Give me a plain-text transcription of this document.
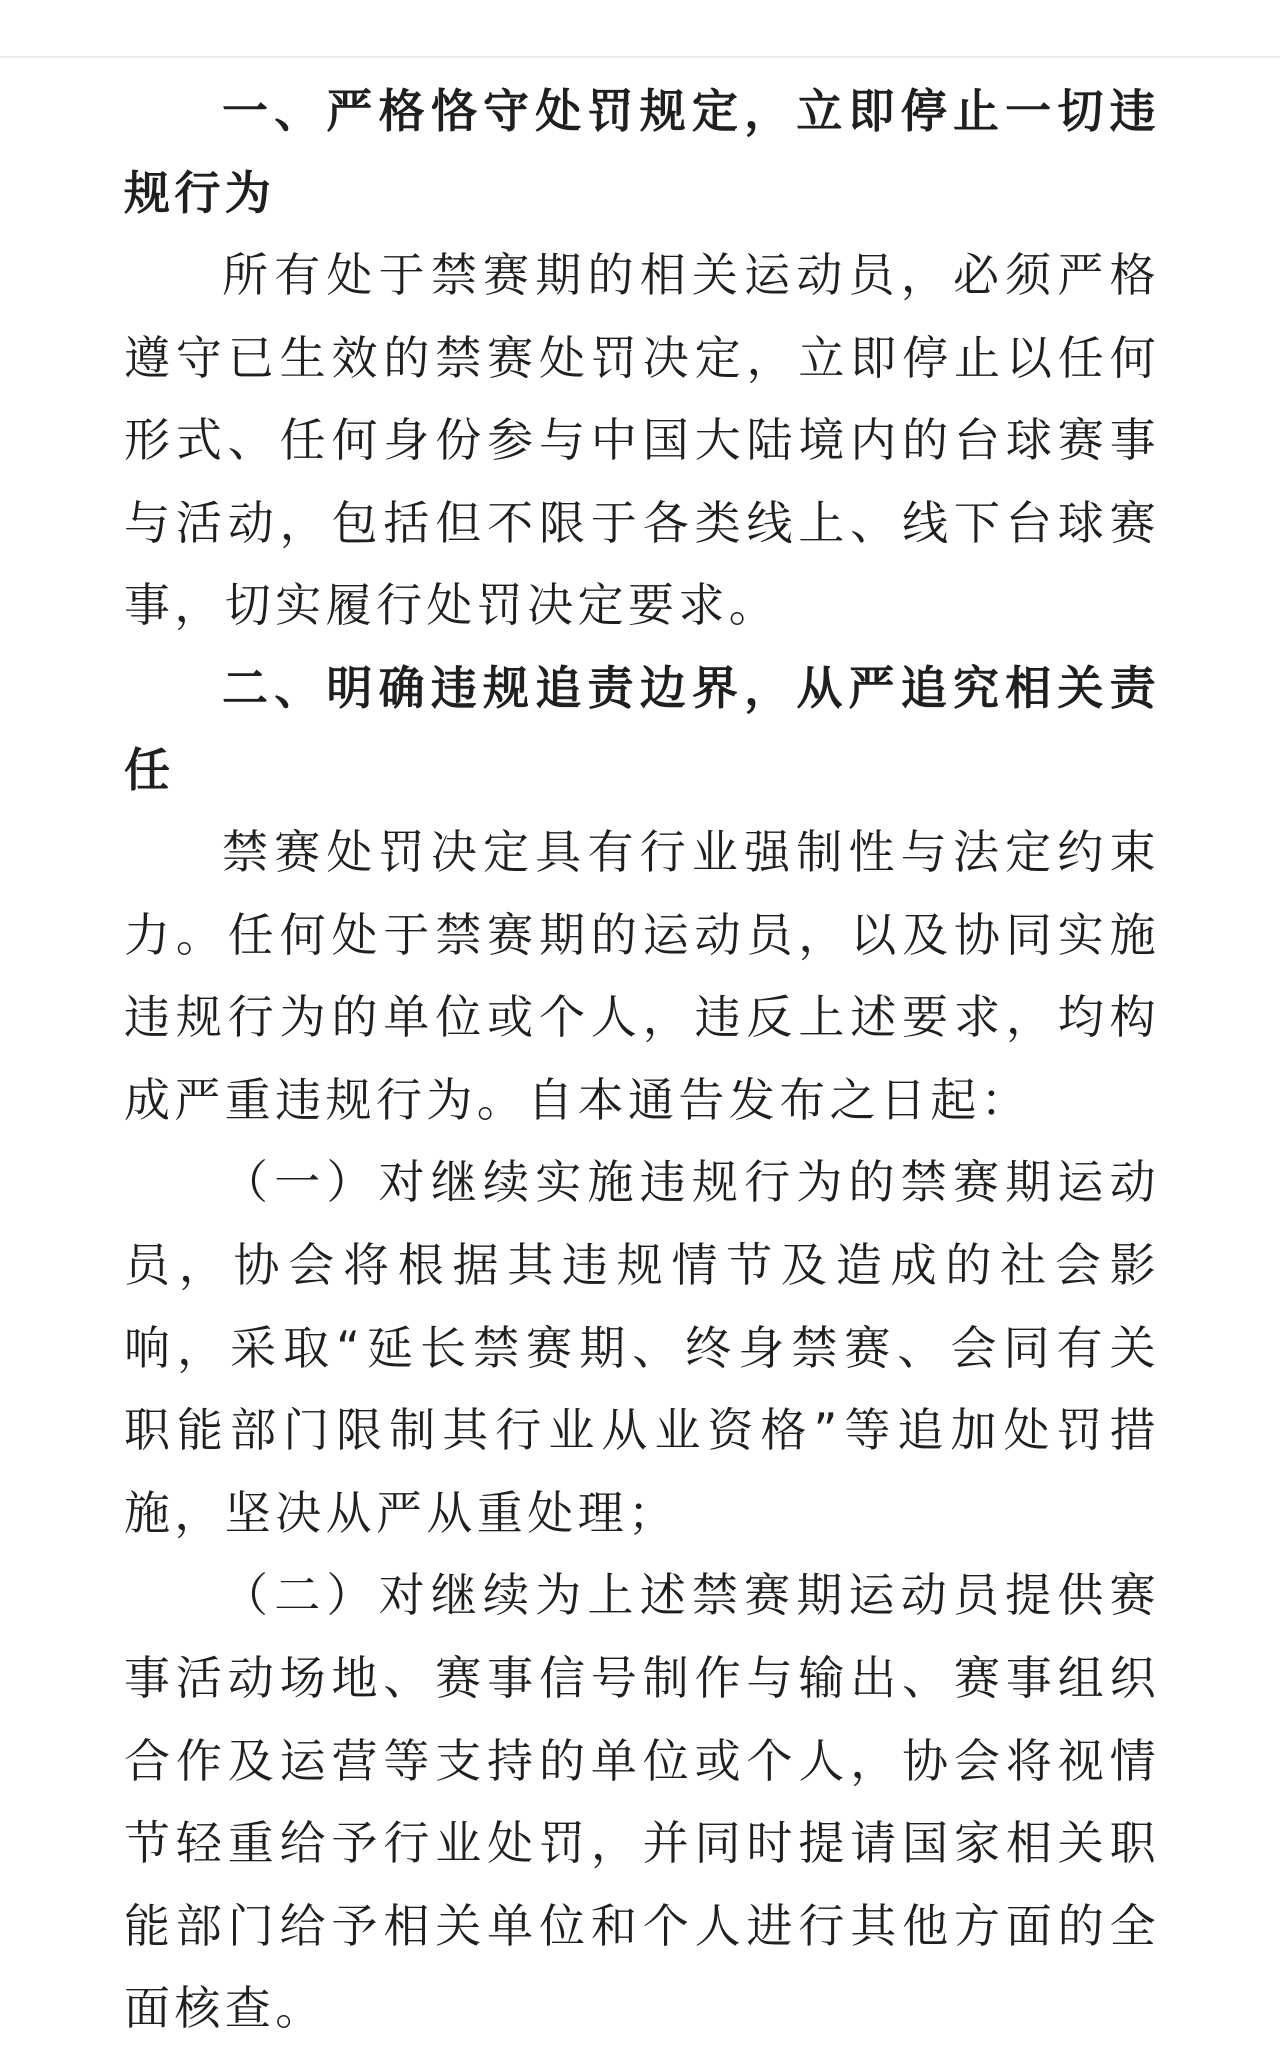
一、严格恪守处罚规定，立即停止一切违规行为

所有处于禁赛期的相关运动员，必须严格遵守已生效的禁赛处罚决定，立即停止以任何形式、任何身份参与中国大陆境内的台球赛事与活动，包括但不限于各类线上、线下台球赛事，切实履行处罚决定要求。

二、明确违规追责边界，从严追究相关责任

禁赛处罚决定具有行业强制性与法定约束力。任何处于禁赛期的运动员，以及协同实施违规行为的单位或个人，违反上述要求，均构成严重违规行为。自本通告发布之日起：

（一）对继续实施违规行为的禁赛期运动员，协会将根据其违规情节及造成的社会影响，采取“延长禁赛期、终身禁赛、会同有关职能部门限制其行业从业资格”等追加处罚措施，坚决从严从重处理；

（二）对继续为上述禁赛期运动员提供赛事活动场地、赛事信号制作与输出、赛事组织合作及运营等支持的单位或个人，协会将视情节轻重给予行业处罚，并同时提请国家相关职能部门给予相关单位和个人进行其他方面的全面核查。
